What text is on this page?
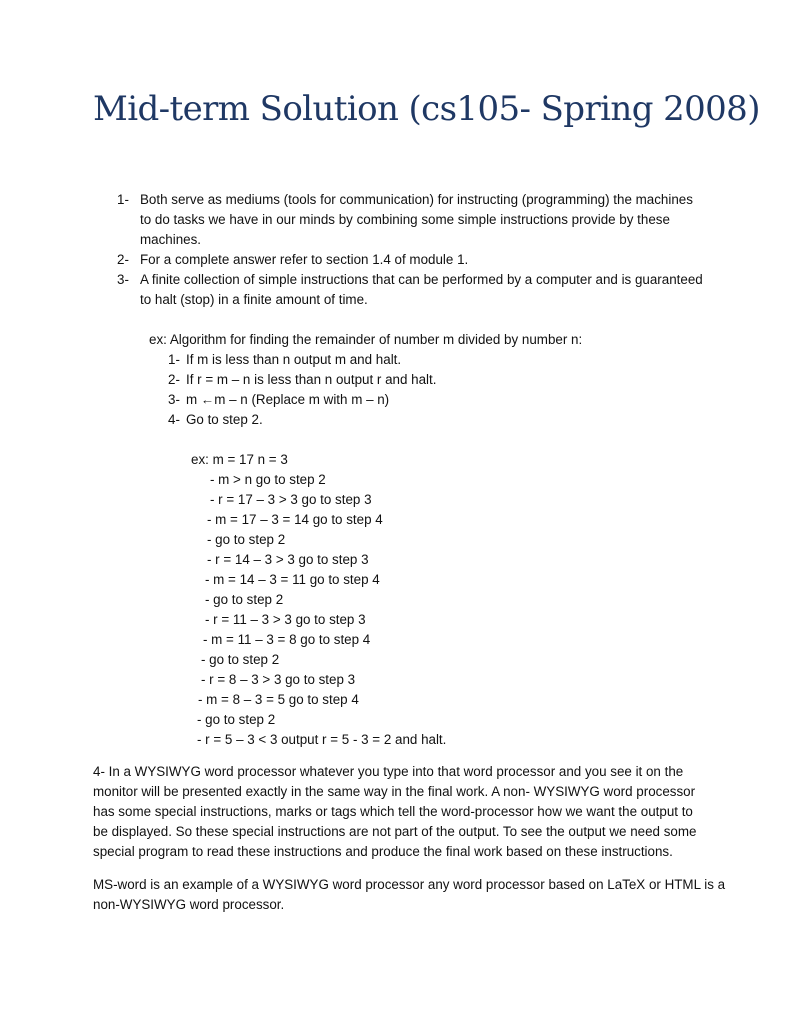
Mid-term Solution (cs105- Spring 2008)
1- Both serve as mediums (tools for communication) for instructing (programming) the machines
to do tasks we have in our minds by combining some simple instructions provide by these
machines.
2- For a complete answer refer to section 1.4 of module 1.
3- A finite collection of simple instructions that can be performed by a computer and is guaranteed
to halt (stop) in a finite amount of time.
ex: Algorithm for finding the remainder of number m divided by number n:
1- If m is less than n output m and halt.
2- If r = m – n is less than n output r and halt.
3- m ←m – n (Replace m with m – n)
4- Go to step 2.
ex: m = 17 n = 3
- m > n go to step 2
- r = 17 – 3 > 3 go to step 3
- m = 17 – 3 = 14 go to step 4
- go to step 2
- r = 14 – 3 > 3 go to step 3
- m = 14 – 3 = 11 go to step 4
- go to step 2
- r = 11 – 3 > 3 go to step 3
- m = 11 – 3 = 8 go to step 4
- go to step 2
- r = 8 – 3 > 3 go to step 3
- m = 8 – 3 = 5 go to step 4
- go to step 2
- r = 5 – 3 < 3 output r = 5 - 3 = 2 and halt.
4- In a WYSIWYG word processor whatever you type into that word processor and you see it on the
monitor will be presented exactly in the same way in the final work. A non- WYSIWYG word processor
has some special instructions, marks or tags which tell the word-processor how we want the output to
be displayed. So these special instructions are not part of the output. To see the output we need some
special program to read these instructions and produce the final work based on these instructions.
MS-word is an example of a WYSIWYG word processor any word processor based on LaTeX or HTML is a
non-WYSIWYG word processor.
